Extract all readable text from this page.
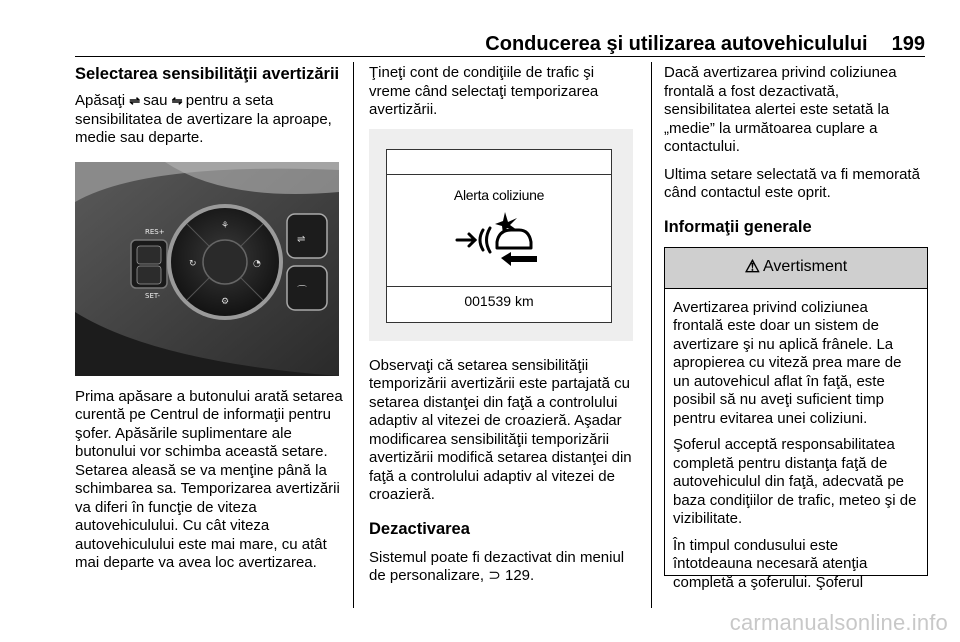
Conducerea şi utilizarea autovehiculului 199
Selectarea sensibilităţii avertizării

Apăsaţi ⇌ sau ⇋ pentru a seta sensibilitatea de avertizare la aproape, medie sau departe.

RES+
SET-
⚘
↻	◔
⚙
⇌
⌒

Prima apăsare a butonului arată setarea curentă pe Centrul de informaţii pentru şofer. Apăsările suplimentare ale butonului vor schimba această setare. Setarea aleasă se va menţine până la schimbarea sa. Temporizarea avertizării va diferi în funcţie de viteza autovehiculului. Cu cât viteza autovehiculului este mai mare, cu atât mai departe va avea loc avertizarea.

Ţineţi cont de condiţiile de trafic şi vreme când selectaţi temporizarea avertizării.

Alerta coliziune
001539 km

Observaţi că setarea sensibilităţii temporizării avertizării este partajată cu setarea distanţei din faţă a controlului adaptiv al vitezei de croazieră. Aşadar modificarea sensibilităţii temporizării avertizării modifică setarea distanţei din faţă a controlului adaptiv al vitezei de croazieră.

Dezactivarea

Sistemul poate fi dezactivat din meniul de personalizare, ⊃ 129.

Dacă avertizarea privind coliziunea frontală a fost dezactivată, sensibilitatea alertei este setată la „medie” la următoarea cuplare a contactului.

Ultima setare selectată va fi memorată când contactul este oprit.

Informaţii generale
⚠ Avertisment

Avertizarea privind coliziunea frontală este doar un sistem de avertizare şi nu aplică frânele. La apropierea cu viteză prea mare de un autovehicul aflat în faţă, este posibil să nu aveţi suficient timp pentru evitarea unei coliziuni.

Şoferul acceptă responsabilitatea completă pentru distanţa faţă de autovehiculul din faţă, adecvată pe baza condiţiilor de trafic, meteo şi de vizibilitate.

În timpul condusului este întotdeauna necesară atenţia completă a şoferului. Şoferul

carmanualsonline.info
